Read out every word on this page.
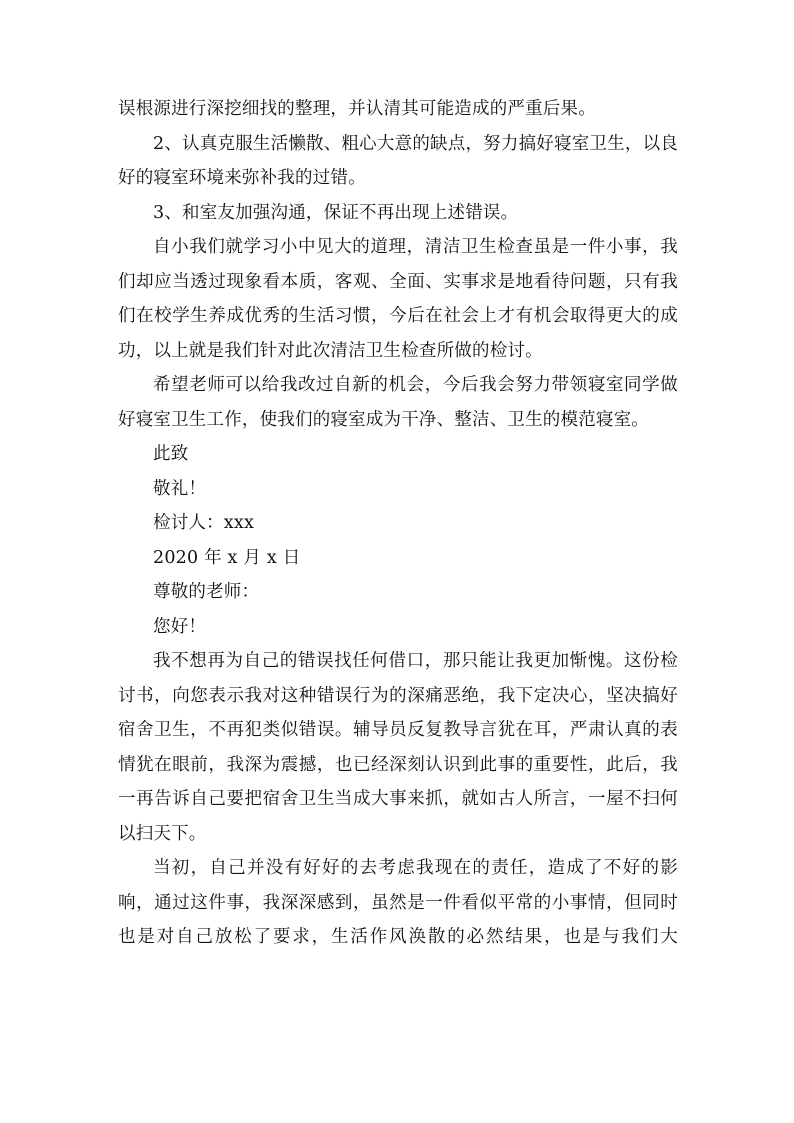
误根源进行深挖细找的整理，并认清其可能造成的严重后果。

2、认真克服生活懒散、粗心大意的缺点，努力搞好寝室卫生，以良好的寝室环境来弥补我的过错。

3、和室友加强沟通，保证不再出现上述错误。

自小我们就学习小中见大的道理，清洁卫生检查虽是一件小事，我们却应当透过现象看本质，客观、全面、实事求是地看待问题，只有我们在校学生养成优秀的生活习惯，今后在社会上才有机会取得更大的成功，以上就是我们针对此次清洁卫生检查所做的检讨。

希望老师可以给我改过自新的机会，今后我会努力带领寝室同学做好寝室卫生工作，使我们的寝室成为干净、整洁、卫生的模范寝室。

此致

敬礼！

检讨人：xxx

2020 年 x 月 x 日

尊敬的老师：

您好！

我不想再为自己的错误找任何借口，那只能让我更加惭愧。这份检讨书，向您表示我对这种错误行为的深痛恶绝，我下定决心，坚决搞好宿舍卫生，不再犯类似错误。辅导员反复教导言犹在耳，严肃认真的表情犹在眼前，我深为震撼，也已经深刻认识到此事的重要性，此后，我一再告诉自己要把宿舍卫生当成大事来抓，就如古人所言，一屋不扫何以扫天下。

当初，自己并没有好好的去考虑我现在的责任，造成了不好的影响，通过这件事，我深深感到，虽然是一件看似平常的小事情，但同时也是对自己放松了要求，生活作风涣散的必然结果，也是与我们大
